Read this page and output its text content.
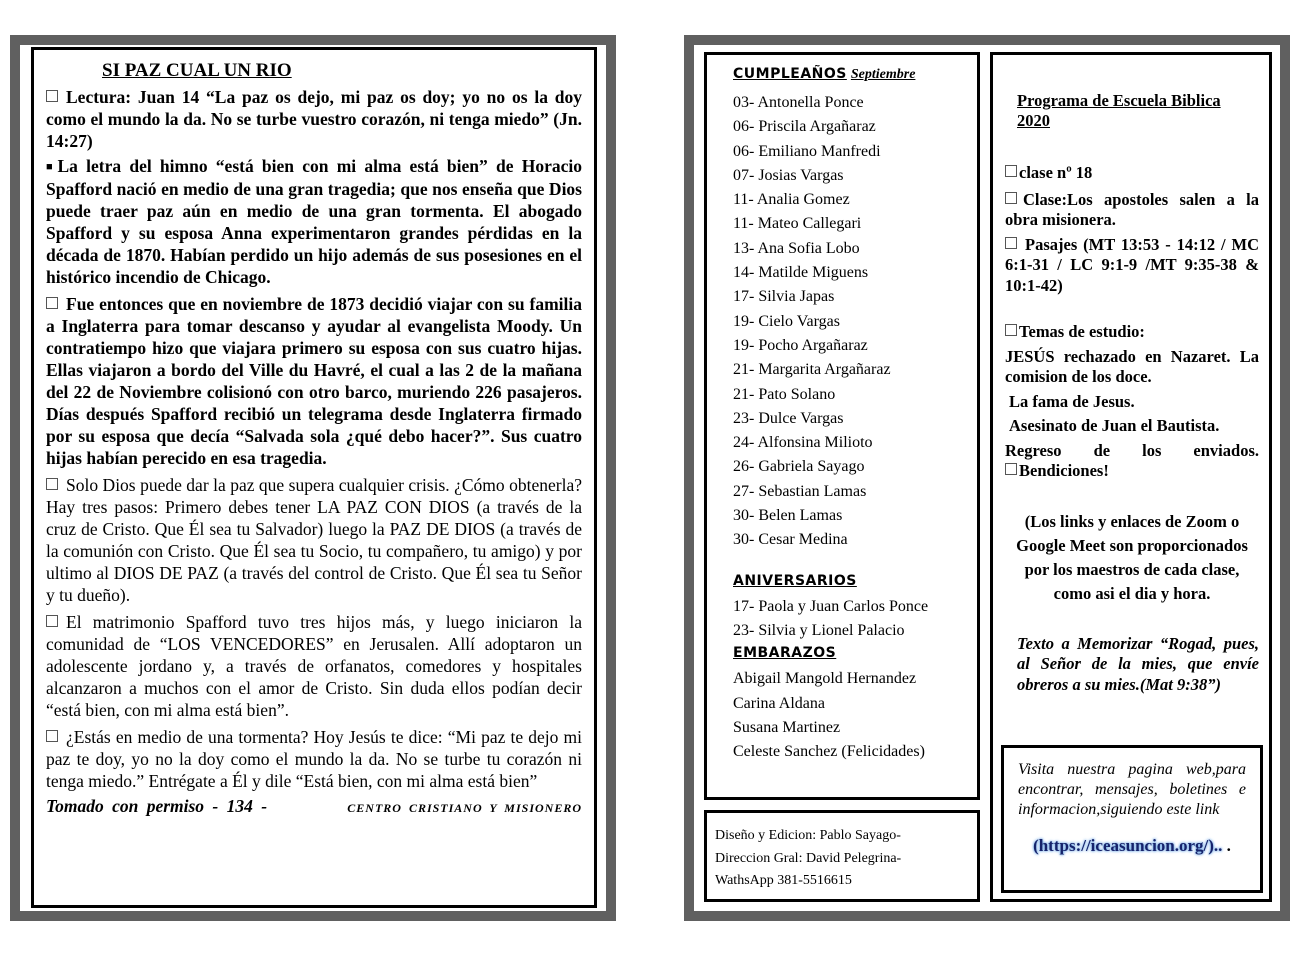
SI PAZ CUAL UN RIO

Lectura: Juan 14 “La paz os dejo, mi paz os doy; yo no os la doy como el mundo la da. No se turbe vuestro corazón, ni tenga miedo” (Jn. 14:27)

■La letra del himno “está bien con mi alma está bien” de Horacio Spafford nació en medio de una gran tragedia; que nos enseña que Dios puede traer paz aún en medio de una gran tormenta. El abogado Spafford y su esposa Anna experimentaron grandes pérdidas en la década de 1870. Habían perdido un hijo además de sus posesiones en el histórico incendio de Chicago.

Fue entonces que en noviembre de 1873 decidió viajar con su familia a Inglaterra para tomar descanso y ayudar al evangelista Moody. Un contratiempo hizo que viajara primero su esposa con sus cuatro hijas. Ellas viajaron a bordo del Ville du Havré, el cual a las 2 de la mañana del 22 de Noviembre colisionó con otro barco, muriendo 226 pasajeros. Días después Spafford recibió un telegrama desde Inglaterra firmado por su esposa que decía “Salvada sola ¿qué debo hacer?”. Sus cuatro hijas habían perecido en esa tragedia.

Solo Dios puede dar la paz que supera cualquier crisis. ¿Cómo obtenerla? Hay tres pasos: Primero debes tener LA PAZ CON DIOS (a través de la cruz de Cristo. Que Él sea tu Salvador) luego la PAZ DE DIOS (a través de la comunión con Cristo. Que Él sea tu Socio, tu compañero, tu amigo) y por ultimo al DIOS DE PAZ (a través del control de Cristo. Que Él sea tu Señor y tu dueño).

El matrimonio Spafford tuvo tres hijos más, y luego iniciaron la comunidad de “LOS VENCEDORES” en Jerusalen. Allí adoptaron un adolescente jordano y, a través de orfanatos, comedores y hospitales alcanzaron a muchos con el amor de Cristo. Sin duda ellos podían decir “está bien, con mi alma está bien”.

¿Estás en medio de una tormenta? Hoy Jesús te dice: “Mi paz te dejo mi paz te doy, yo no la doy como el mundo la da. No se turbe tu corazón ni tenga miedo.” Entrégate a Él y dile “Está bien, con mi alma está bien”

Tomado con permiso - 134 -	CENTRO CRISTIANO Y MISIONERO
CUMPLEAÑOS Septiembre
03- Antonella Ponce
06- Priscila Argañaraz
06- Emiliano Manfredi
07- Josias Vargas
11- Analia Gomez
11- Mateo Callegari
13- Ana Sofia Lobo
14- Matilde Miguens
17- Silvia Japas
19- Cielo Vargas
19- Pocho Argañaraz
21- Margarita Argañaraz
21- Pato Solano
23- Dulce Vargas
24- Alfonsina Milioto
26- Gabriela Sayago
27- Sebastian Lamas
30- Belen Lamas
30- Cesar Medina
ANIVERSARIOS
17- Paola y Juan Carlos Ponce
23- Silvia y Lionel Palacio
EMBARAZOS
Abigail Mangold Hernandez
Carina Aldana
Susana Martinez
Celeste Sanchez (Felicidades)
Diseño y Edicion: Pablo Sayago-
Direccion Gral: David Pelegrina-
WathsApp 381-5516615
Programa de Escuela Biblica
2020
clase nº 18
Clase:Los apostoles salen a la obra misionera.
Pasajes (MT 13:53 - 14:12 / MC 6:1-31 / LC 9:1-9 /MT 9:35-38 & 10:1-42)
Temas de estudio:
JESÚS rechazado en Nazaret. La comision de los doce.
La fama de Jesus.
Asesinato de Juan el Bautista.
Regreso de los enviados.
Bendiciones!
(Los links y enlaces de Zoom o Google Meet son proporcionados por los maestros de cada clase, como asi el dia y hora.
Texto a Memorizar “Rogad, pues, al Señor de la mies, que envíe obreros a su mies.(Mat 9:38”)
Visita nuestra pagina web,para encontrar, mensajes, boletines e informacion,siguiendo este link
(https://iceasuncion.org/).. .
